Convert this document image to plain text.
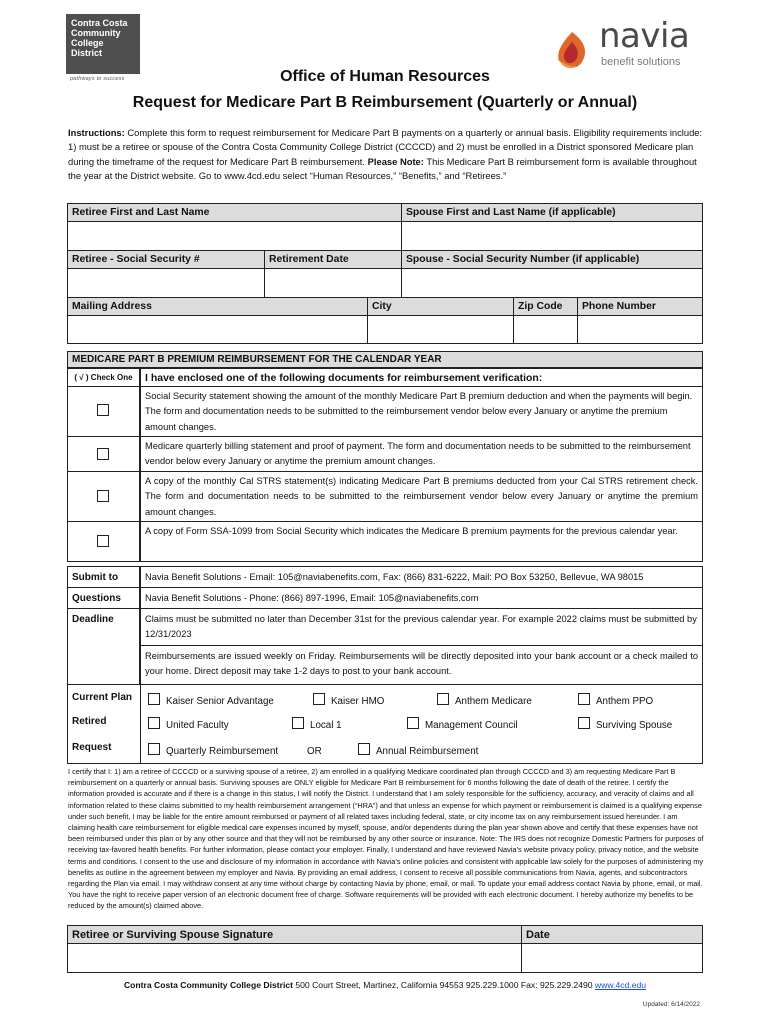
Contra Costa
Community
College District
pathways to success
navia
benefit solutions
Office of Human Resources
Request for Medicare Part B Reimbursement (Quarterly or Annual)
Instructions: Complete this form to request reimbursement for Medicare Part B payments on a quarterly or annual basis. Eligibility requirements include: 1) must be a retiree or spouse of the Contra Costa Community College District (CCCCD) and 2) must be enrolled in a District sponsored Medicare plan during the timeframe of the request for Medicare Part B reimbursement. Please Note: This Medicare Part B reimbursement form is available throughout the year at the District website. Go to www.4cd.edu select “Human Resources,” “Benefits,” and “Retirees.”
Retiree First and Last Name	Spouse First and Last Name (if applicable)
Retiree - Social Security #	Retirement Date	Spouse - Social Security Number (if applicable)
Mailing Address	City	Zip Code	Phone Number
MEDICARE PART B PREMIUM REIMBURSEMENT FOR THE CALENDAR YEAR
( √ ) Check One	I have enclosed one of the following documents for reimbursement verification:
Social Security statement showing the amount of the monthly Medicare Part B premium deduction and when the payments will begin. The form and documentation needs to be submitted to the reimbursement vendor below every January or anytime the premium amount changes.
Medicare quarterly billing statement and proof of payment. The form and documentation needs to be submitted to the reimbursement vendor below every January or anytime the premium amount changes.
A copy of the monthly Cal STRS statement(s) indicating Medicare Part B premiums deducted from your Cal STRS retirement check. The form and documentation needs to be submitted to the reimbursement vendor below every January or anytime the premium amount changes.
A copy of Form SSA-1099 from Social Security which indicates the Medicare B premium payments for the previous calendar year.
Submit to	Navia Benefit Solutions - Email: 105@naviabenefits.com, Fax: (866) 831-6222, Mail: PO Box 53250, Bellevue, WA 98015
Questions	Navia Benefit Solutions - Phone: (866) 897-1996, Email: 105@naviabenefits.com
Deadline	Claims must be submitted no later than December 31st for the previous calendar year. For example 2022 claims must be submitted by 12/31/2023
Reimbursements are issued weekly on Friday. Reimbursements will be directly deposited into your bank account or a check mailed to your home. Direct deposit may take 1-2 days to post to your bank account.
Current Plan	Kaiser Senior Advantage	Kaiser HMO	Anthem Medicare	Anthem PPO
Retired	United Faculty	Local 1	Management Council	Surviving Spouse
Request	Quarterly Reimbursement	OR	Annual Reimbursement
I certify that I: 1) am a retiree of CCCCD or a surviving spouse of a retiree, 2) am enrolled in a qualifying Medicare coordinated plan through CCCCD and 3) am requesting Medicare Part B reimbursement on a quarterly or annual basis. Surviving spouses are ONLY eligible for Medicare Part B reimbursement for 6 months following the date of death of the retiree. I certify the information provided is accurate and if there is a change in this status, I will notify the District. I understand that I am solely responsible for the sufficiency, accuracy, and veracity of claims and all information related to these claims submitted to my health reimbursement arrangement (“HRA”) and that unless an expense for which payment or reimbursement is claimed is a qualifying expense under such benefit, I may be liable for the entire amount reimbursed or payment of all related taxes including federal, state, or city income tax on any reimbursement issued hereunder. I am claiming health care reimbursement for eligible medical care expenses incurred by myself, spouse, and/or dependents during the plan year shown above and certify that these expenses have not been reimbursed under this plan or by any other source and that they will not be reimbursed by any other source or insurance. Note: The IRS does not recognize Domestic Partners for purposes of receiving tax-favored health benefits. For further information, please contact your employer. Finally, I understand and have reviewed Navia’s website privacy policy, privacy notice, and the website terms and conditions. I consent to the use and disclosure of my information in accordance with Navia’s online policies and consistent with applicable law solely for the purposes of administering my benefits as outline in the agreement between my employer and Navia. By providing an email address, I consent to receive all possible communications from Navia, agents, and subcontractors regarding the Plan via email. I may withdraw consent at any time without charge by contacting Navia by phone, email, or mail. To update your email address contact Navia by phone, email, or mail. You have the right to receive paper version of an electronic document free of charge. Software requirements will be provided with each electronic document. I hereby authorize my benefits to be reduced by the amount(s) claimed above.
Retiree or Surviving Spouse Signature	Date
Contra Costa Community College District 500 Court Street, Martinez, California 94553 925.229.1000 Fax: 925.229.2490 www.4cd.edu
Updated: 6/14/2022
